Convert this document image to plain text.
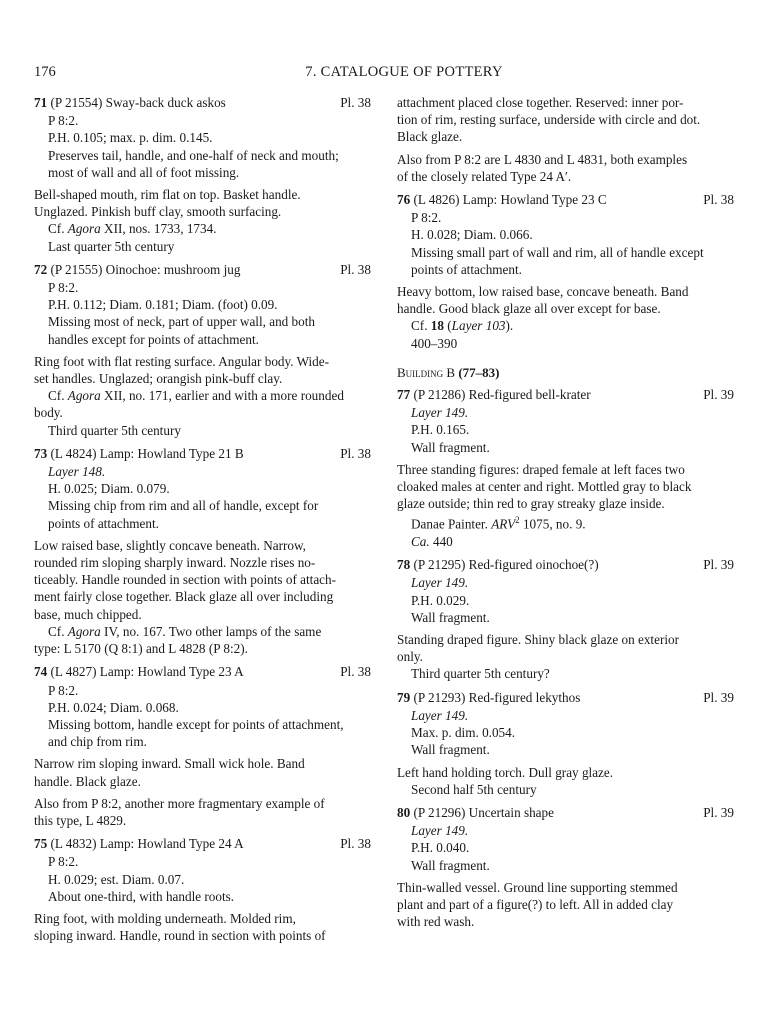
176	7. CATALOGUE OF POTTERY
71 (P 21554) Sway-back duck askos	Pl. 38
P 8:2.
P.H. 0.105; max. p. dim. 0.145.
Preserves tail, handle, and one-half of neck and mouth;
most of wall and all of foot missing.
Bell-shaped mouth, rim flat on top. Basket handle.
Unglazed. Pinkish buff clay, smooth surfacing.
Cf. Agora XII, nos. 1733, 1734.
Last quarter 5th century
72 (P 21555) Oinochoe: mushroom jug	Pl. 38
P 8:2.
P.H. 0.112; Diam. 0.181; Diam. (foot) 0.09.
Missing most of neck, part of upper wall, and both
handles except for points of attachment.
Ring foot with flat resting surface. Angular body. Wide-
set handles. Unglazed; orangish pink-buff clay.
Cf. Agora XII, no. 171, earlier and with a more rounded
body.
Third quarter 5th century
73 (L 4824) Lamp: Howland Type 21 B	Pl. 38
Layer 148.
H. 0.025; Diam. 0.079.
Missing chip from rim and all of handle, except for
points of attachment.
Low raised base, slightly concave beneath. Narrow,
rounded rim sloping sharply inward. Nozzle rises no-
ticeably. Handle rounded in section with points of attach-
ment fairly close together. Black glaze all over including
base, much chipped.
Cf. Agora IV, no. 167. Two other lamps of the same
type: L 5170 (Q 8:1) and L 4828 (P 8:2).
74 (L 4827) Lamp: Howland Type 23 A	Pl. 38
P 8:2.
P.H. 0.024; Diam. 0.068.
Missing bottom, handle except for points of attachment,
and chip from rim.
Narrow rim sloping inward. Small wick hole. Band
handle. Black glaze.
Also from P 8:2, another more fragmentary example of
this type, L 4829.
75 (L 4832) Lamp: Howland Type 24 A	Pl. 38
P 8:2.
H. 0.029; est. Diam. 0.07.
About one-third, with handle roots.
Ring foot, with molding underneath. Molded rim,
sloping inward. Handle, round in section with points of
attachment placed close together. Reserved: inner por-
tion of rim, resting surface, underside with circle and dot.
Black glaze.
Also from P 8:2 are L 4830 and L 4831, both examples
of the closely related Type 24 A′.
76 (L 4826) Lamp: Howland Type 23 C	Pl. 38
P 8:2.
H. 0.028; Diam. 0.066.
Missing small part of wall and rim, all of handle except
points of attachment.
Heavy bottom, low raised base, concave beneath. Band
handle. Good black glaze all over except for base.
Cf. 18 (Layer 103).
400–390
Building B (77–83)
77 (P 21286) Red-figured bell-krater	Pl. 39
Layer 149.
P.H. 0.165.
Wall fragment.
Three standing figures: draped female at left faces two
cloaked males at center and right. Mottled gray to black
glaze outside; thin red to gray streaky glaze inside.
Danae Painter. ARV$^2$ 1075, no. 9.
Ca. 440
78 (P 21295) Red-figured oinochoe(?)	Pl. 39
Layer 149.
P.H. 0.029.
Wall fragment.
Standing draped figure. Shiny black glaze on exterior
only.
Third quarter 5th century?
79 (P 21293) Red-figured lekythos	Pl. 39
Layer 149.
Max. p. dim. 0.054.
Wall fragment.
Left hand holding torch. Dull gray glaze.
Second half 5th century
80 (P 21296) Uncertain shape	Pl. 39
Layer 149.
P.H. 0.040.
Wall fragment.
Thin-walled vessel. Ground line supporting stemmed
plant and part of a figure(?) to left. All in added clay
with red wash.
